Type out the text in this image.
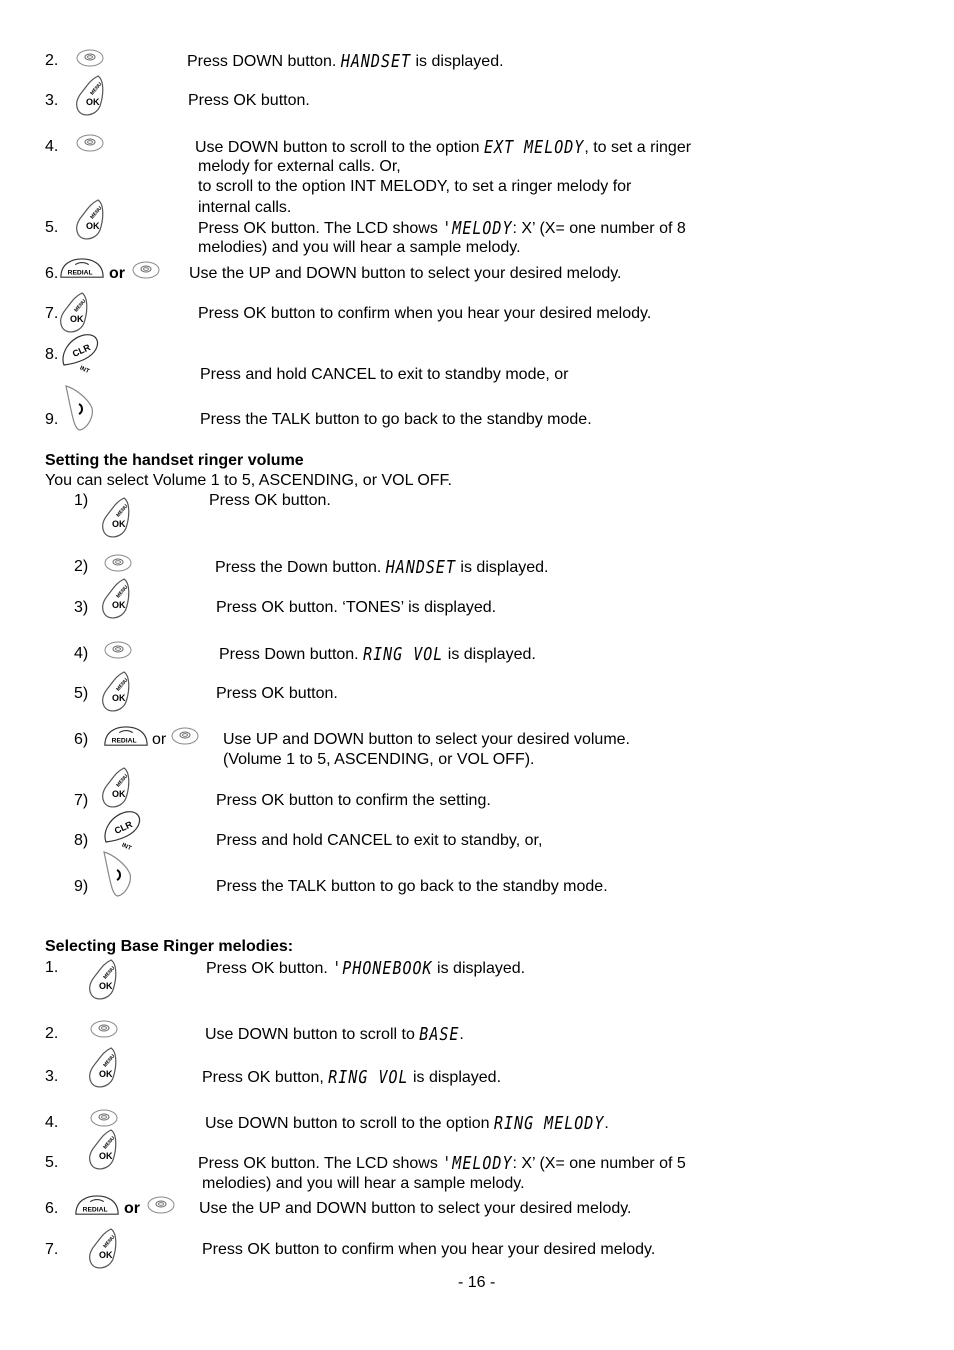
2.	Press DOWN button. HANDSET is displayed.
3.	Press OK button.
4.	Use DOWN button to scroll to the option EXT MELODY, to set a ringer
melody for external calls. Or,
to scroll to the option INT MELODY, to set a ringer melody for
internal calls.
5.	Press OK button. The LCD shows 'MELODY: X’ (X= one number of 8
melodies) and you will hear a sample melody.
6.	or	Use the UP and DOWN button to select your desired melody.
7.	Press OK button to confirm when you hear your desired melody.
8.
Press and hold CANCEL to exit to standby mode, or
9.	Press the TALK button to go back to the standby mode.
Setting the handset ringer volume
You can select Volume 1 to 5, ASCENDING, or VOL OFF.
1)	Press OK button.
2)	Press the Down button. HANDSET is displayed.
3)	Press OK button. ‘TONES’ is displayed.
4)	Press Down button. RING VOL is displayed.
5)	Press OK button.
6)	or	Use UP and DOWN button to select your desired volume.
(Volume 1 to 5, ASCENDING, or VOL OFF).
7)	Press OK button to confirm the setting.
8)	Press and hold CANCEL to exit to standby, or,
9)	Press the TALK button to go back to the standby mode.
Selecting Base Ringer melodies:
1.	Press OK button. 'PHONEBOOK is displayed.
2.	Use DOWN button to scroll to BASE.
3.	Press OK button, RING VOL is displayed.
4.	Use DOWN button to scroll to the option RING MELODY.
5.	Press OK button. The LCD shows 'MELODY: X’ (X= one number of 5
melodies) and you will hear a sample melody.
6.	or	Use the UP and DOWN button to select your desired melody.
7.	Press OK button to confirm when you hear your desired melody.
- 16 -
